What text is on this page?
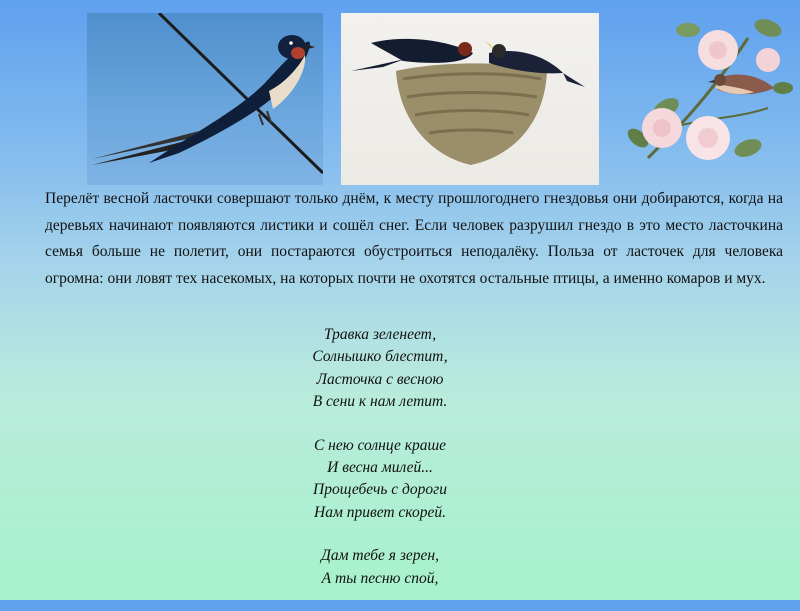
Перелёт весной ласточки совершают только днём, к месту прошлогоднего гнездовья они добираются, когда на деревьях начинают появляются листики и сошёл снег. Если человек разрушил гнездо в это место ласточкина семья больше не полетит, они постараются обустроиться неподалёку. Польза от ласточек для человека огромна: они ловят тех насекомых, на которых почти не охотятся остальные птицы, а именно комаров и мух.

Травка зеленеет,
Солнышко блестит,
Ласточка с весною
В сени к нам летит.
С нею солнце краше
И весна милей...
Прощебечь с дороги
Нам привет скорей.
Дам тебе я зерен,
А ты песню спой,
